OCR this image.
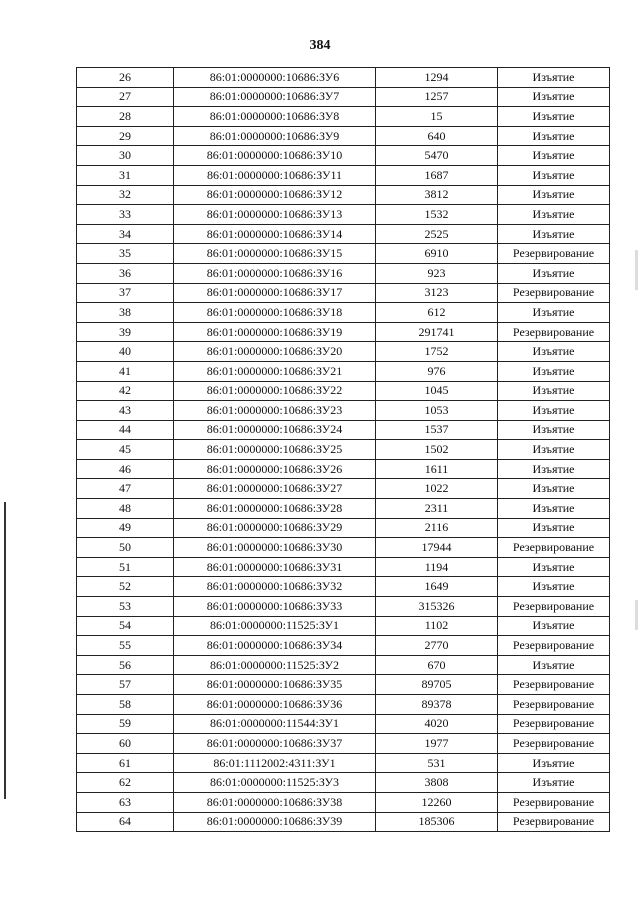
384
26	86:01:0000000:10686:ЗУ6	1294	Изъятие
27	86:01:0000000:10686:ЗУ7	1257	Изъятие
28	86:01:0000000:10686:ЗУ8	15	Изъятие
29	86:01:0000000:10686:ЗУ9	640	Изъятие
30	86:01:0000000:10686:ЗУ10	5470	Изъятие
31	86:01:0000000:10686:ЗУ11	1687	Изъятие
32	86:01:0000000:10686:ЗУ12	3812	Изъятие
33	86:01:0000000:10686:ЗУ13	1532	Изъятие
34	86:01:0000000:10686:ЗУ14	2525	Изъятие
35	86:01:0000000:10686:ЗУ15	6910	Резервирование
36	86:01:0000000:10686:ЗУ16	923	Изъятие
37	86:01:0000000:10686:ЗУ17	3123	Резервирование
38	86:01:0000000:10686:ЗУ18	612	Изъятие
39	86:01:0000000:10686:ЗУ19	291741	Резервирование
40	86:01:0000000:10686:ЗУ20	1752	Изъятие
41	86:01:0000000:10686:ЗУ21	976	Изъятие
42	86:01:0000000:10686:ЗУ22	1045	Изъятие
43	86:01:0000000:10686:ЗУ23	1053	Изъятие
44	86:01:0000000:10686:ЗУ24	1537	Изъятие
45	86:01:0000000:10686:ЗУ25	1502	Изъятие
46	86:01:0000000:10686:ЗУ26	1611	Изъятие
47	86:01:0000000:10686:ЗУ27	1022	Изъятие
48	86:01:0000000:10686:ЗУ28	2311	Изъятие
49	86:01:0000000:10686:ЗУ29	2116	Изъятие
50	86:01:0000000:10686:ЗУ30	17944	Резервирование
51	86:01:0000000:10686:ЗУ31	1194	Изъятие
52	86:01:0000000:10686:ЗУ32	1649	Изъятие
53	86:01:0000000:10686:ЗУ33	315326	Резервирование
54	86:01:0000000:11525:ЗУ1	1102	Изъятие
55	86:01:0000000:10686:ЗУ34	2770	Резервирование
56	86:01:0000000:11525:ЗУ2	670	Изъятие
57	86:01:0000000:10686:ЗУ35	89705	Резервирование
58	86:01:0000000:10686:ЗУ36	89378	Резервирование
59	86:01:0000000:11544:ЗУ1	4020	Резервирование
60	86:01:0000000:10686:ЗУ37	1977	Резервирование
61	86:01:1112002:4311:ЗУ1	531	Изъятие
62	86:01:0000000:11525:ЗУ3	3808	Изъятие
63	86:01:0000000:10686:ЗУ38	12260	Резервирование
64	86:01:0000000:10686:ЗУ39	185306	Резервирование
